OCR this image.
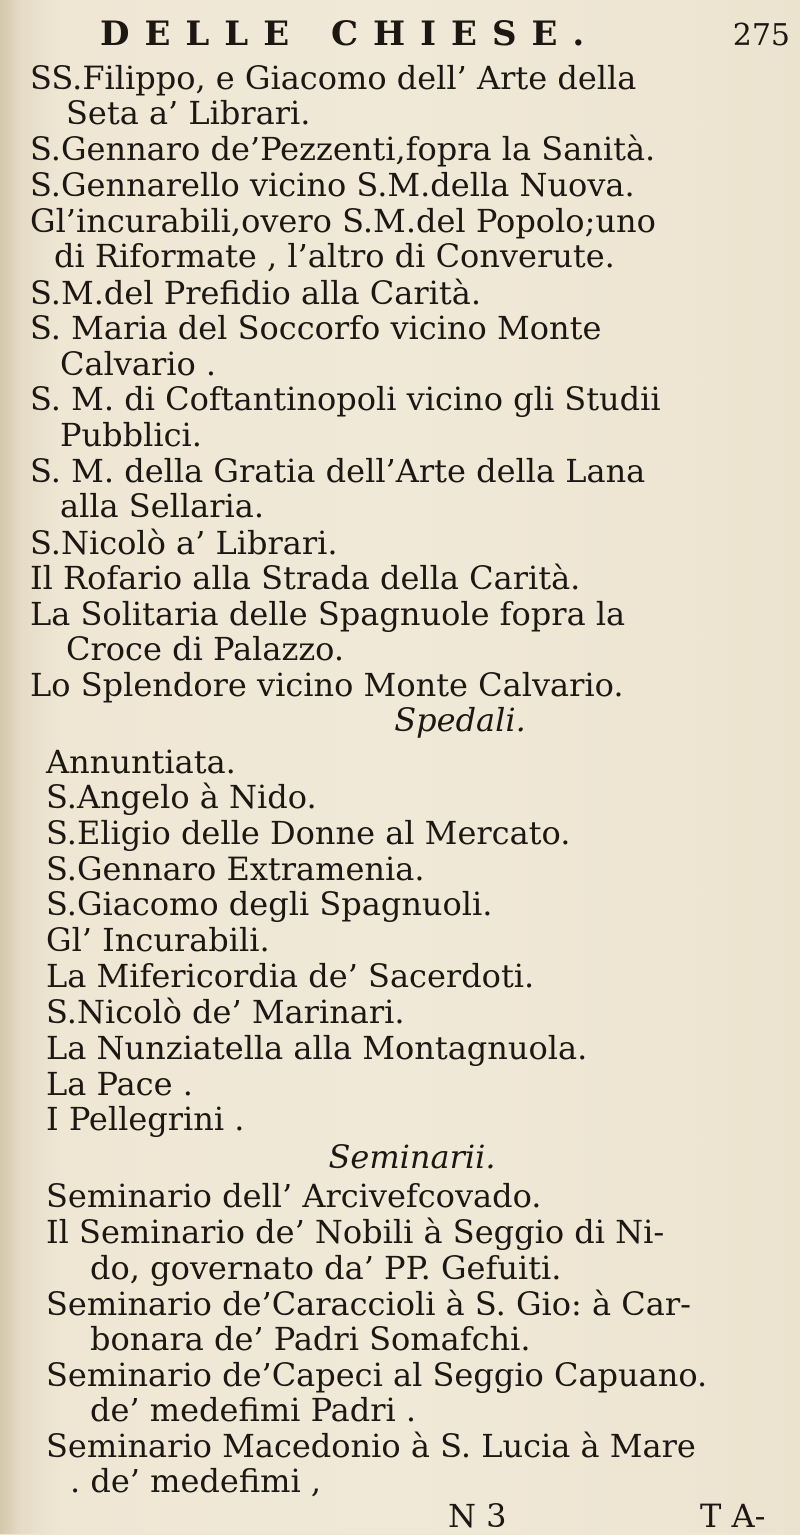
DELLE CHIESE.	275
SS.Filippo, e Giacomo dell’ Arte della
Seta a’ Librari.
S.Gennaro de’Pezzenti,fopra la Sanità.
S.Gennarello vicino S.M.della Nuova.
Gl’incurabili,overo S.M.del Popolo;uno
di Riformate , l’altro di Converute.
S.M.del Prefidio alla Carità.
S. Maria del Soccorfo vicino Monte
Calvario .
S. M. di Coftantinopoli vicino gli Studii
Pubblici.
S. M. della Gratia dell’Arte della Lana
alla Sellaria.
S.Nicolò a’ Librari.
Il Rofario alla Strada della Carità.
La Solitaria delle Spagnuole fopra la
Croce di Palazzo.
Lo Splendore vicino Monte Calvario.
Spedali.
Annuntiata.
S.Angelo à Nido.
S.Eligio delle Donne al Mercato.
S.Gennaro Extramenia.
S.Giacomo degli Spagnuoli.
Gl’ Incurabili.
La Mifericordia de’ Sacerdoti.
S.Nicolò de’ Marinari.
La Nunziatella alla Montagnuola.
La Pace .
I Pellegrini .
Seminarii.
Seminario dell’ Arcivefcovado.
Il Seminario de’ Nobili à Seggio di Ni-
do, governato da’ PP. Gefuiti.
Seminario de’Caraccioli à S. Gio: à Car-
bonara de’ Padri Somafchi.
Seminario de’Capeci al Seggio Capuano.
de’ medefimi Padri .
Seminario Macedonio à S. Lucia à Mare
. de’ medefimi ,
N 3	T A-
